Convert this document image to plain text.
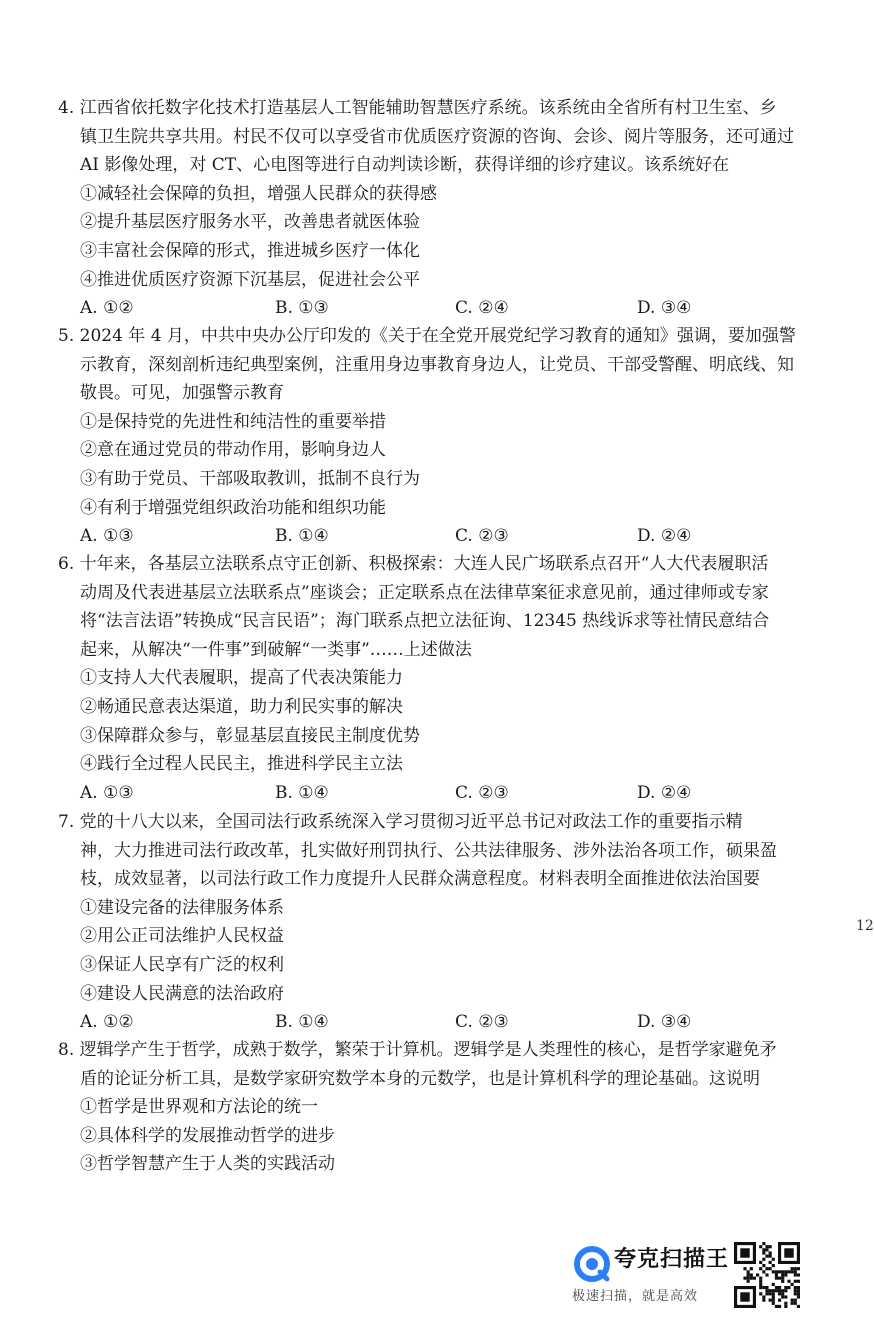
4. 江西省依托数字化技术打造基层人工智能辅助智慧医疗系统。该系统由全省所有村卫生室、乡
镇卫生院共享共用。村民不仅可以享受省市优质医疗资源的咨询、会诊、阅片等服务，还可通过
AI 影像处理，对 CT、心电图等进行自动判读诊断，获得详细的诊疗建议。该系统好在
①减轻社会保障的负担，增强人民群众的获得感
②提升基层医疗服务水平，改善患者就医体验
③丰富社会保障的形式，推进城乡医疗一体化
④推进优质医疗资源下沉基层，促进社会公平
A. ①②	B. ①③	C. ②④	D. ③④
5. 2024 年 4 月，中共中央办公厅印发的《关于在全党开展党纪学习教育的通知》强调，要加强警
示教育，深刻剖析违纪典型案例，注重用身边事教育身边人，让党员、干部受警醒、明底线、知
敬畏。可见，加强警示教育
①是保持党的先进性和纯洁性的重要举措
②意在通过党员的带动作用，影响身边人
③有助于党员、干部吸取教训，抵制不良行为
④有利于增强党组织政治功能和组织功能
A. ①③	B. ①④	C. ②③	D. ②④
6. 十年来，各基层立法联系点守正创新、积极探索：大连人民广场联系点召开“人大代表履职活
动周及代表进基层立法联系点”座谈会；正定联系点在法律草案征求意见前，通过律师或专家
将“法言法语”转换成“民言民语”；海门联系点把立法征询、12345 热线诉求等社情民意结合
起来，从解决“一件事”到破解“一类事”……上述做法
①支持人大代表履职，提高了代表决策能力
②畅通民意表达渠道，助力利民实事的解决
③保障群众参与，彰显基层直接民主制度优势
④践行全过程人民民主，推进科学民主立法
A. ①③	B. ①④	C. ②③	D. ②④
7. 党的十八大以来，全国司法行政系统深入学习贯彻习近平总书记对政法工作的重要指示精
神，大力推进司法行政改革，扎实做好刑罚执行、公共法律服务、涉外法治各项工作，硕果盈
枝，成效显著，以司法行政工作力度提升人民群众满意程度。材料表明全面推进依法治国要
①建设完备的法律服务体系
②用公正司法维护人民权益
③保证人民享有广泛的权利
④建设人民满意的法治政府
A. ①②	B. ①④	C. ②③	D. ③④
8. 逻辑学产生于哲学，成熟于数学，繁荣于计算机。逻辑学是人类理性的核心，是哲学家避免矛
盾的论证分析工具，是数学家研究数学本身的元数学，也是计算机科学的理论基础。这说明
①哲学是世界观和方法论的统一
②具体科学的发展推动哲学的进步
③哲学智慧产生于人类的实践活动
12
夸克扫描王
极速扫描，就是高效
